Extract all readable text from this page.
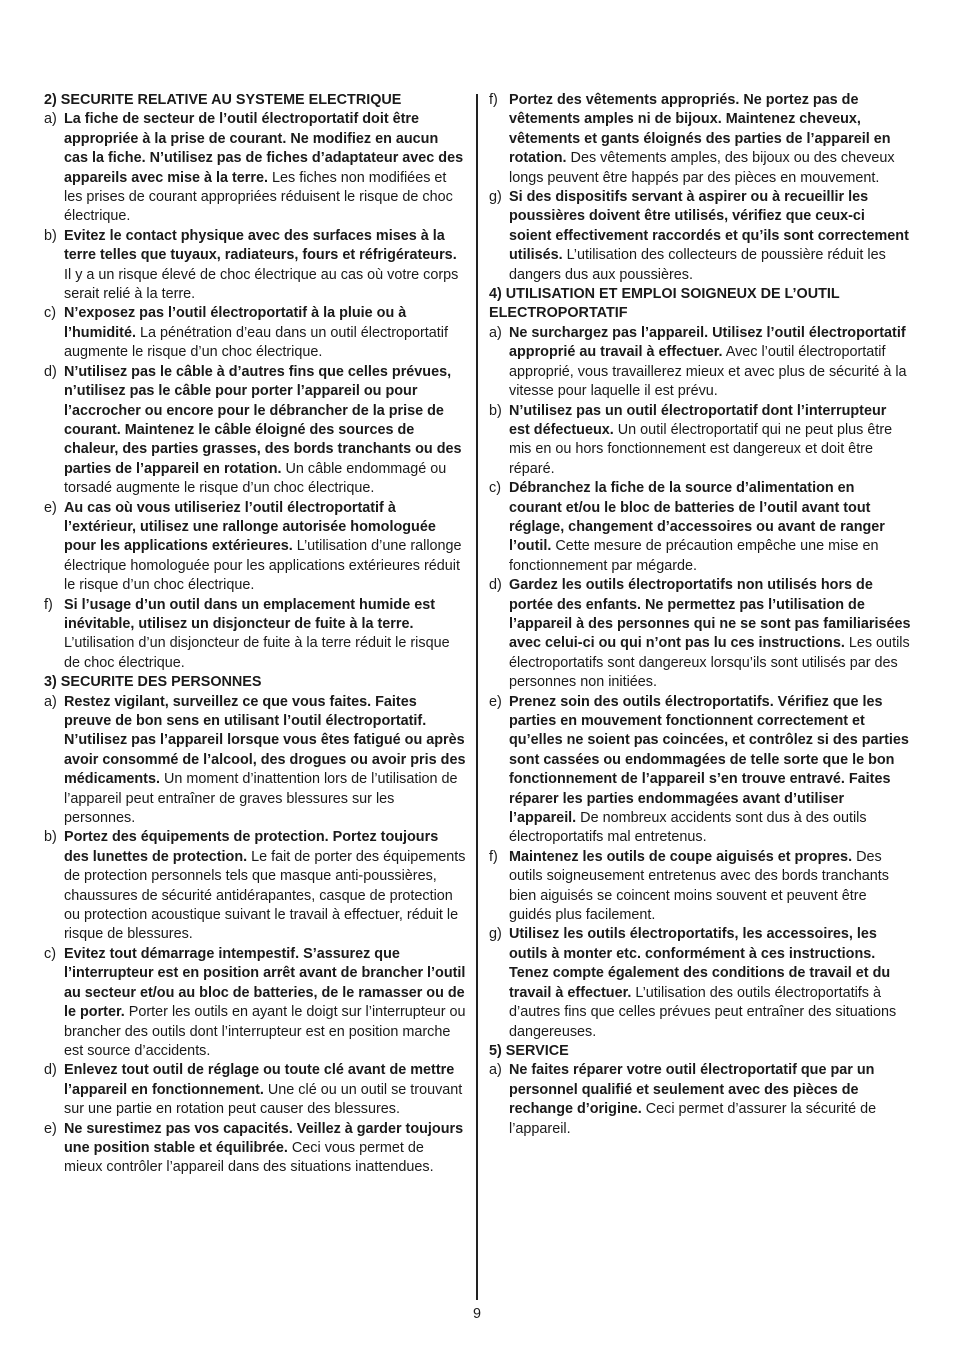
2) SECURITE RELATIVE AU SYSTEME ELECTRIQUE
a) La fiche de secteur de l’outil électroportatif doit être appropriée à la prise de courant. Ne modifiez en aucun cas la fiche. N’utilisez pas de fiches d’adaptateur avec des appareils avec mise à la terre. Les fiches non modifiées et les prises de courant appropriées réduisent le risque de choc électrique.
b) Evitez le contact physique avec des surfaces mises à la terre telles que tuyaux, radiateurs, fours et réfrigérateurs. Il y a un risque élevé de choc électrique au cas où votre corps serait relié à la terre.
c) N’exposez pas l’outil électroportatif à la pluie ou à l’humidité. La pénétration d’eau dans un outil électroportatif augmente le risque d’un choc électrique.
d) N’utilisez pas le câble à d’autres fins que celles prévues, n’utilisez pas le câble pour porter l’appareil ou pour l’accrocher ou encore pour le débrancher de la prise de courant. Maintenez le câble éloigné des sources de chaleur, des parties grasses, des bords tranchants ou des parties de l’appareil en rotation. Un câble endommagé ou torsadé augmente le risque d’un choc électrique.
e) Au cas où vous utiliseriez l’outil électroportatif à l’extérieur, utilisez une rallonge autorisée homologuée pour les applications extérieures. L’utilisation d’une rallonge électrique homologuée pour les applications extérieures réduit le risque d’un choc électrique.
f) Si l’usage d’un outil dans un emplacement humide est inévitable, utilisez un disjoncteur de fuite à la terre. L’utilisation d’un disjoncteur de fuite à la terre réduit le risque de choc électrique.
3) SECURITE DES PERSONNES
a) Restez vigilant, surveillez ce que vous faites. Faites preuve de bon sens en utilisant l’outil électroportatif. N’utilisez pas l’appareil lorsque vous êtes fatigué ou après avoir consommé de l’alcool, des drogues ou avoir pris des médicaments. Un moment d’inattention lors de l’utilisation de l’appareil peut entraîner de graves blessures sur les personnes.
b) Portez des équipements de protection. Portez toujours des lunettes de protection. Le fait de porter des équipements de protection personnels tels que masque anti-poussières, chaussures de sécurité antidérapantes, casque de protection ou protection acoustique suivant le travail à effectuer, réduit le risque de blessures.
c) Evitez tout démarrage intempestif. S’assurez que l’interrupteur est en position arrêt avant de brancher l’outil au secteur et/ou au bloc de batteries, de le ramasser ou de le porter. Porter les outils en ayant le doigt sur l’interrupteur ou brancher des outils dont l’interrupteur est en position marche est source d’accidents.
d) Enlevez tout outil de réglage ou toute clé avant de mettre l’appareil en fonctionnement. Une clé ou un outil se trouvant sur une partie en rotation peut causer des blessures.
e) Ne surestimez pas vos capacités. Veillez à garder toujours une position stable et équilibrée. Ceci vous permet de mieux contrôler l’appareil dans des situations inattendues.
f) Portez des vêtements appropriés. Ne portez pas de vêtements amples ni de bijoux. Maintenez cheveux, vêtements et gants éloignés des parties de l’appareil en rotation. Des vêtements amples, des bijoux ou des cheveux longs peuvent être happés par des pièces en mouvement.
g) Si des dispositifs servant à aspirer ou à recueillir les poussières doivent être utilisés, vérifiez que ceux-ci soient effectivement raccordés et qu’ils sont correctement utilisés. L’utilisation des collecteurs de poussière réduit les dangers dus aux poussières.
4) UTILISATION ET EMPLOI SOIGNEUX DE L’OUTIL ELECTROPORTATIF
a) Ne surchargez pas l’appareil. Utilisez l’outil électroportatif approprié au travail à effectuer. Avec l’outil électroportatif approprié, vous travaillerez mieux et avec plus de sécurité à la vitesse pour laquelle il est prévu.
b) N’utilisez pas un outil électroportatif dont l’interrupteur est défectueux. Un outil électroportatif qui ne peut plus être mis en ou hors fonctionnement est dangereux et doit être réparé.
c) Débranchez la fiche de la source d’alimentation en courant et/ou le bloc de batteries de l’outil avant tout réglage, changement d’accessoires ou avant de ranger l’outil. Cette mesure de précaution empêche une mise en fonctionnement par mégarde.
d) Gardez les outils électroportatifs non utilisés hors de portée des enfants. Ne permettez pas l’utilisation de l’appareil à des personnes qui ne se sont pas familiarisées avec celui-ci ou qui n’ont pas lu ces instructions. Les outils électroportatifs sont dangereux lorsqu’ils sont utilisés par des personnes non initiées.
e) Prenez soin des outils électroportatifs. Vérifiez que les parties en mouvement fonctionnent correctement et qu’elles ne soient pas coincées, et contrôlez si des parties sont cassées ou endommagées de telle sorte que le bon fonctionnement de l’appareil s’en trouve entravé. Faites réparer les parties endommagées avant d’utiliser l’appareil. De nombreux accidents sont dus à des outils électroportatifs mal entretenus.
f) Maintenez les outils de coupe aiguisés et propres. Des outils soigneusement entretenus avec des bords tranchants bien aiguisés se coincent moins souvent et peuvent être guidés plus facilement.
g) Utilisez les outils électroportatifs, les accessoires, les outils à monter etc. conformément à ces instructions. Tenez compte également des conditions de travail et du travail à effectuer. L’utilisation des outils électroportatifs à d’autres fins que celles prévues peut entraîner des situations dangereuses.
5) SERVICE
a) Ne faites réparer votre outil électroportatif que par un personnel qualifié et seulement avec des pièces de rechange d’origine. Ceci permet d’assurer la sécurité de l’appareil.
9
